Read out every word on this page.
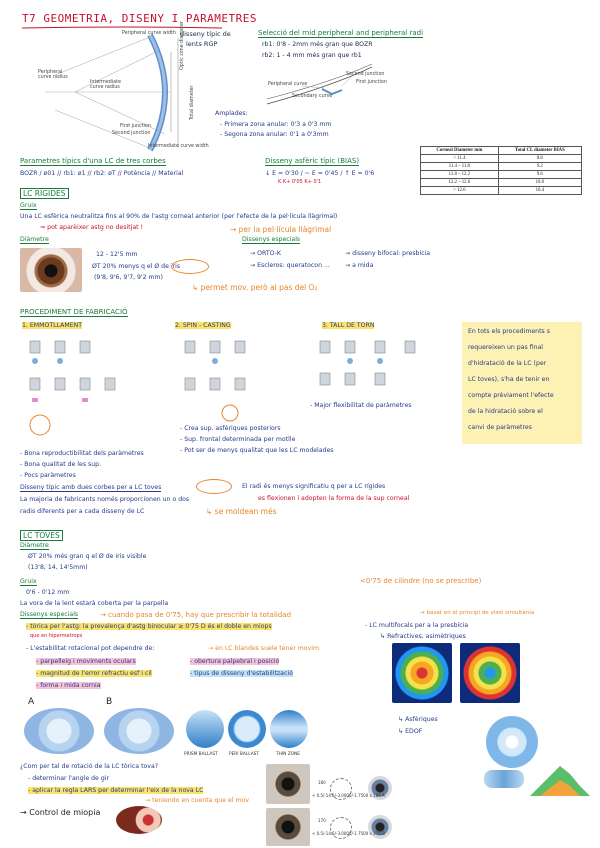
T7 GEOMETRIA, DISENY I PARAMETRES
Peripheral curve width
Peripheral curve radius
Intermediate curve radius
First junction
Second junction
Intermediate curve width
Optic zone diameter
Total diameter
disseny típic de
lents RGP
Selecció del rnid peripheral and peripheral radi
rb1: 0'8 - 2mm més gran que BOZR
rb2: 1 - 4 mm més gran que rb1
Second junction
Peripheral curve	First junction
Secondary curve
Amplades:
- Primera zona anular: 0'3 a 0'3 mm
- Segona zona anular: 0'1 a 0'3mm
Parametres típics d'una LC de tres corbes
BOZR / ø01 // rb1: ø1 // rb2: øT // Potència // Material
Disseny asfèric típic (BIAS)
↓ E = 0'30 / ~ E = 0'45 / ↑ E = 0'6
K K+ 0'05 K+ 0'1
Corneal Diameter mm	Total CL diameter BIAS
< 11.4	8.8
11.4 – 11.8	9.2
11.8 – 12.2	9.6
12.2 – 12.6	10.0
> 12.6	10.4
LC RÍGIDES
Gruix
Una LC esfèrica neutralitza fins al 90% de l'astg corneal anterior (per l'efecte de la pel·lícula llàgrimal)
⇒ pot aparèixer astg no desitjat !	→ per la pel·lícula llàgrimal
Diàmetre
12 - 12'5 mm
ØT 20% menys q el Ø de iris
(9'8, 9'6, 9'7, 9'2 mm)
↳ permet mov. però al pas del O₂
Dissenys especials
→ ORTO-K	→ disseny bifocal: presbícia
→ Escleros: queratocon ... → a mida
PROCEDIMENT DE FABRICACIÓ
1. EMMOTLLAMENT	2. SPIN - CASTING	3. TALL DE TORN
- Crea sup. asfèriques posteriors
- Sup. frontal determinada per motlle
- Pot ser de menys qualitat que les LC modelades
- Major flexibilitat de paràmetres
- Bona reproductibilitat dels paràmetres
- Bona qualitat de les sup.
- Pocs paràmetres
En tots els procediments s
requereixen un pas final
d'hidratació de la LC (per
LC toves), s'ha de tenir en
compte prèviament l'efecte
de la hidratació sobre el
canvi de paràmetres
Disseny típic amb dues corbes per a LC toves
La majoria de fabricants només proporcionen un o dos
radis diferents per a cada disseny de LC
El radi és menys significatiu q per a LC rígides
es flexionen i adopten la forma de la sup corneal
↳ se moldean més
LC TOVES
Diàmetre
ØT 20% més gran q el Ø de iris visible
(13'8, 14, 14'5mm)
Gruix
0'6 - 0'12 mm
La vora de la lent estarà coberta per la parpella
<0'75 de cilindre (no se prescribe)
Dissenys especials	→ cuando pasa de 0'75, hay que prescribir la totalidad
- tòrica per l'astg: la prevalença d'astg binocular ≥ 0'75 D és el doble en miops
que en hipermetrops
- L'estabilitat rotacional pot dependre de:	→ en LC blandes suele tener movim.
- parpelleig i moviments oculars	- obertura palpebral i posició
- magnitud de l'error refractiu esf i cil	- tipus de disseny d'estabilització
- forma i mida cornia
- LC multifocals per a la presbícia
→ basat en el principi de visió simultània
↳ Refractives, asimètriques
↳ Asfèriques
↳ EDOF
A	B
PRISM BALLAST	PERI BALLAST	THIN ZONE
¿Com per tal de rotació de la LC tòrica tova?
- determinar l'angle de gir
- aplicar la regla LARS per determinar l'eix de la nova LC
→ teniendo en cuenta que el mov.
→ Control de miopia
180
< 0.5/-14.5/-3.0000/-1.7500 x 180 A
170
< 0.5/-14.5/-3.0000/-1.7500 x 170 B
